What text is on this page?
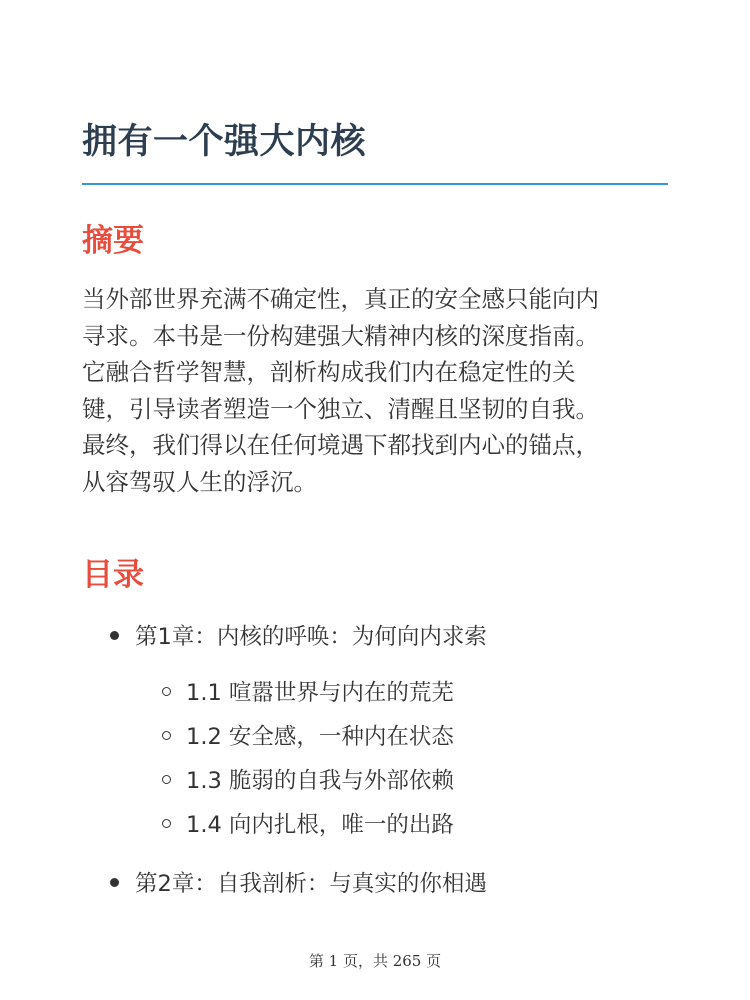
拥有一个强大内核
摘要

当外部世界充满不确定性，真正的安全感只能向内
寻求。本书是一份构建强大精神内核的深度指南。
它融合哲学智慧，剖析构成我们内在稳定性的关
键，引导读者塑造一个独立、清醒且坚韧的自我。
最终，我们得以在任何境遇下都找到内心的锚点，
从容驾驭人生的浮沉。

目录
第1章：内核的呼唤：为何向内求索
1.1 喧嚣世界与内在的荒芜
1.2 安全感，一种内在状态
1.3 脆弱的自我与外部依赖
1.4 向内扎根，唯一的出路
第2章：自我剖析：与真实的你相遇
第 1 页，共 265 页
